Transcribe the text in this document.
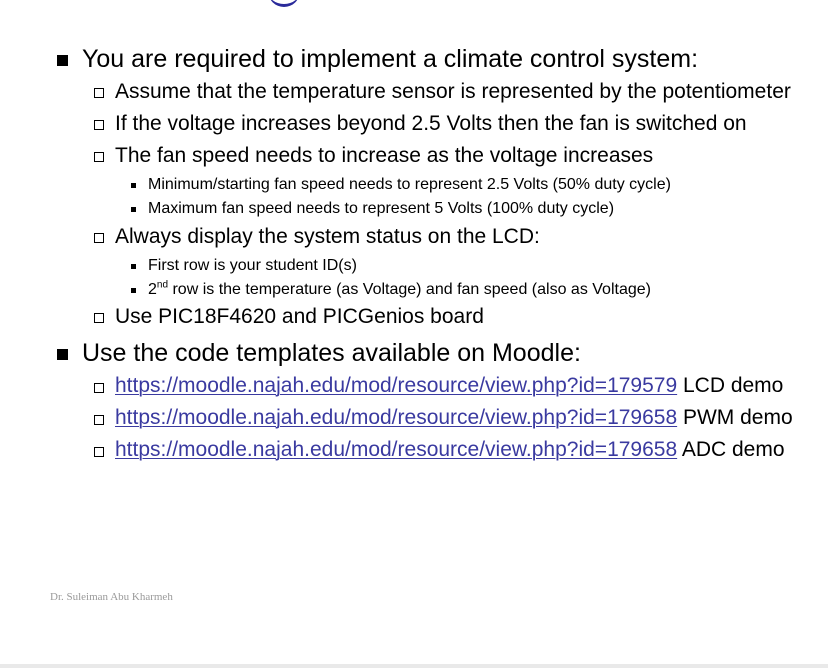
You are required to implement a climate control system:
Assume that the temperature sensor is represented by the potentiometer
If the voltage increases beyond 2.5 Volts then the fan is switched on
The fan speed needs to increase as the voltage increases
Minimum/starting fan speed needs to represent 2.5 Volts (50% duty cycle)
Maximum fan speed needs to represent 5 Volts (100% duty cycle)
Always display the system status on the LCD:
First row is your student ID(s)
2nd row is the temperature (as Voltage) and fan speed (also as Voltage)
Use PIC18F4620 and PICGenios board
Use the code templates available on Moodle:
https://moodle.najah.edu/mod/resource/view.php?id=179579 LCD demo
https://moodle.najah.edu/mod/resource/view.php?id=179658 PWM demo
https://moodle.najah.edu/mod/resource/view.php?id=179658 ADC demo
Dr. Suleiman Abu Kharmeh
